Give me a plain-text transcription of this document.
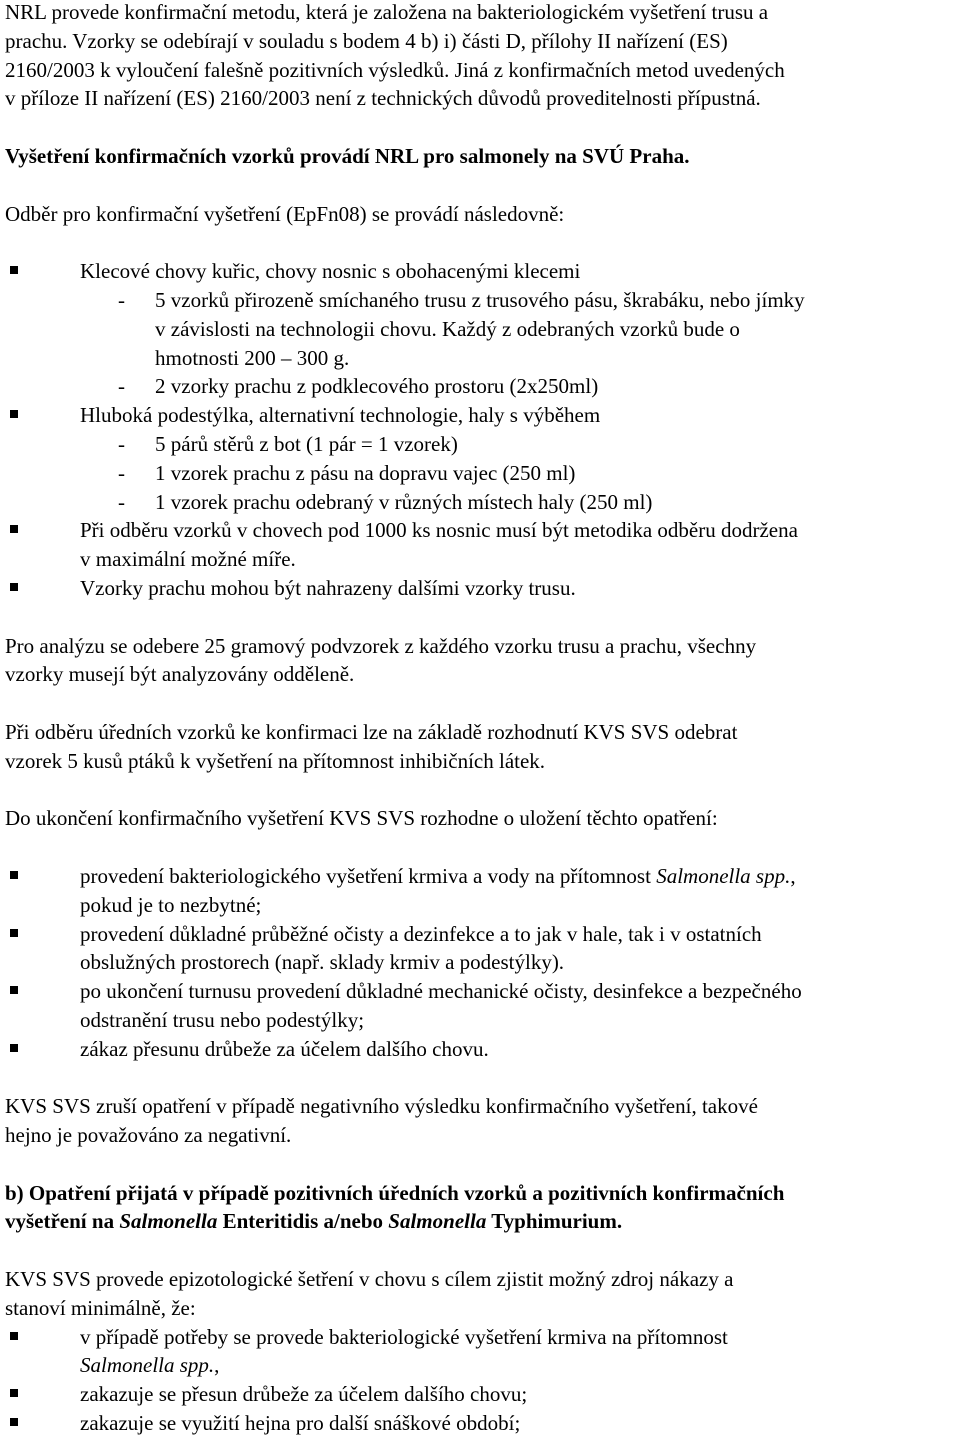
NRL provede konfirmační metodu, která je založena na bakteriologickém vyšetření trusu a

prachu. Vzorky se odebírají v souladu s bodem 4 b) i) části D, přílohy II nařízení (ES)

2160/2003 k vyloučení falešně pozitivních výsledků. Jiná z konfirmačních metod uvedených

v příloze II nařízení (ES) 2160/2003 není z technických důvodů proveditelnosti přípustná.

Vyšetření konfirmačních vzorků provádí NRL pro salmonely na SVÚ Praha.

Odběr pro konfirmační vyšetření (EpFn08) se provádí následovně:

Klecové chovy kuřic, chovy nosnic s obohacenými klecemi

- 5 vzorků přirozeně smíchaného trusu z trusového pásu, škrabáku, nebo jímky

v závislosti na technologii chovu. Každý z odebraných vzorků bude o

hmotnosti 200 – 300 g.

- 2 vzorky prachu z podklecového prostoru (2x250ml)

Hluboká podestýlka, alternativní technologie, haly s výběhem

- 5 párů stěrů z bot (1 pár = 1 vzorek)

- 1 vzorek prachu z pásu na dopravu vajec (250 ml)

- 1 vzorek prachu odebraný v různých místech haly (250 ml)

Při odběru vzorků v chovech pod 1000 ks nosnic musí být metodika odběru dodržena

v maximální možné míře.

Vzorky prachu mohou být nahrazeny dalšími vzorky trusu.

Pro analýzu se odebere 25 gramový podvzorek z každého vzorku trusu a prachu, všechny

vzorky musejí být analyzovány odděleně.

Při odběru úředních vzorků ke konfirmaci lze na základě rozhodnutí KVS SVS odebrat

vzorek 5 kusů ptáků k vyšetření na přítomnost inhibičních látek.

Do ukončení konfirmačního vyšetření KVS SVS rozhodne o uložení těchto opatření:

provedení bakteriologického vyšetření krmiva a vody na přítomnost Salmonella spp.,

pokud je to nezbytné;

provedení důkladné průběžné očisty a dezinfekce a to jak v hale, tak i v ostatních

obslužných prostorech (např. sklady krmiv a podestýlky).

po ukončení turnusu provedení důkladné mechanické očisty, desinfekce a bezpečného

odstranění trusu nebo podestýlky;

zákaz přesunu drůbeže za účelem dalšího chovu.

KVS SVS zruší opatření v případě negativního výsledku konfirmačního vyšetření, takové

hejno je považováno za negativní.

b) Opatření přijatá v případě pozitivních úředních vzorků a pozitivních konfirmačních

vyšetření na Salmonella Enteritidis a/nebo Salmonella Typhimurium.

KVS SVS provede epizotologické šetření v chovu s cílem zjistit možný zdroj nákazy a

stanoví minimálně, že:

v případě potřeby se provede bakteriologické vyšetření krmiva na přítomnost

Salmonella spp.,

zakazuje se přesun drůbeže za účelem dalšího chovu;

zakazuje se využití hejna pro další snáškové období;
